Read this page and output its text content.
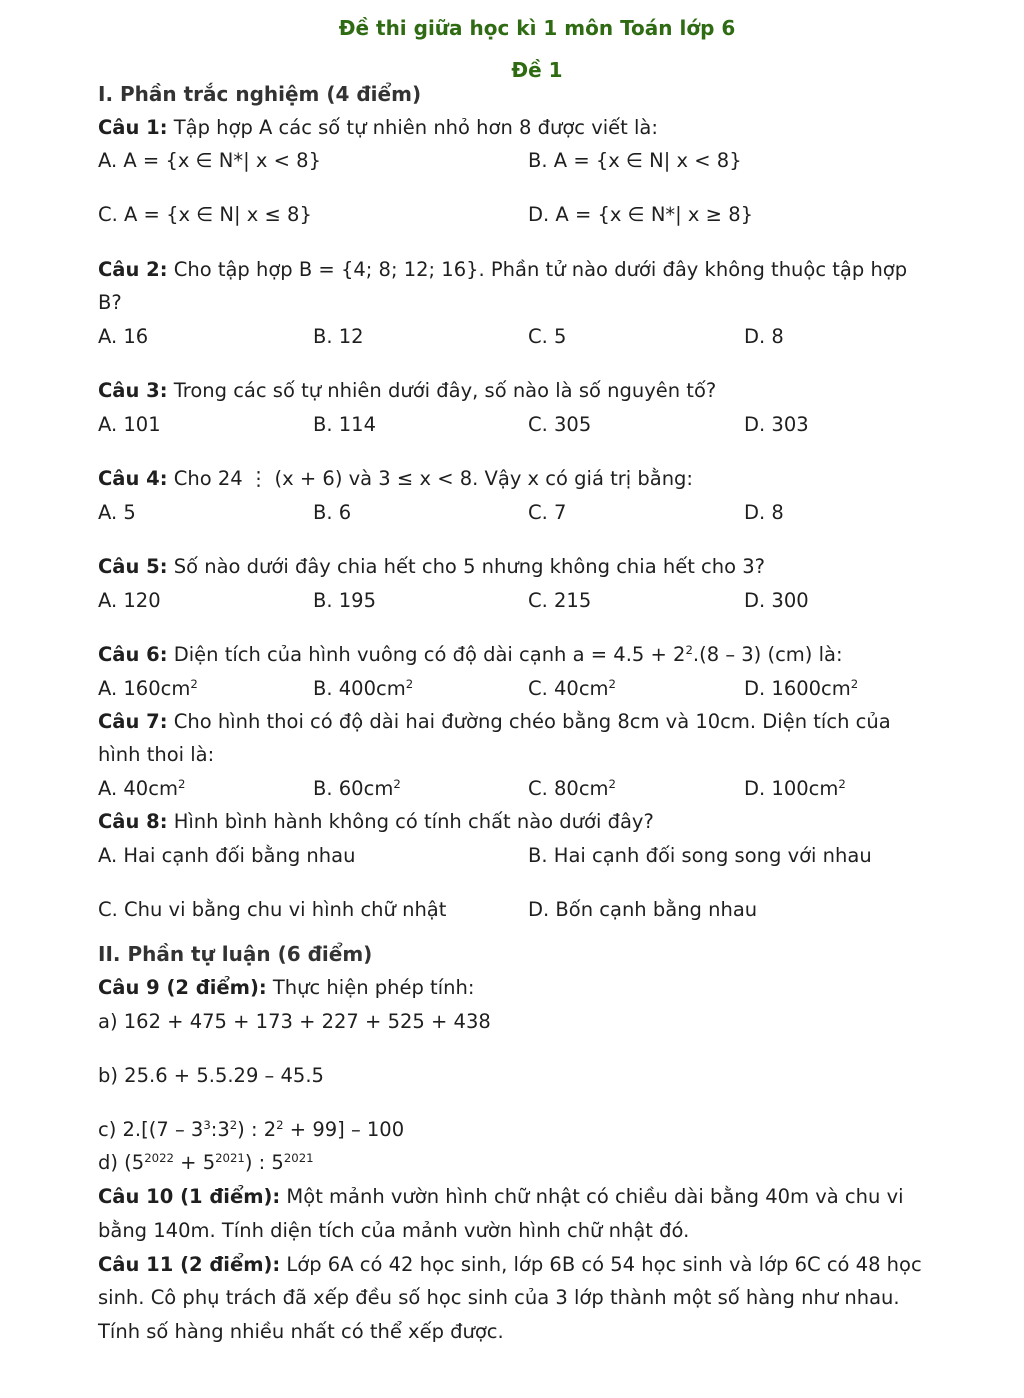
Đề thi giữa học kì 1 môn Toán lớp 6
Đề 1
I. Phần trắc nghiệm (4 điểm)
Câu 1: Tập hợp A các số tự nhiên nhỏ hơn 8 được viết là:
A. A = {x ∈ N*| x < 8}	B. A = {x ∈ N| x < 8}
C. A = {x ∈ N| x ≤ 8}	D. A = {x ∈ N*| x ≥ 8}
Câu 2: Cho tập hợp B = {4; 8; 12; 16}. Phần tử nào dưới đây không thuộc tập hợp
B?
A. 16	B. 12	C. 5	D. 8
Câu 3: Trong các số tự nhiên dưới đây, số nào là số nguyên tố?
A. 101	B. 114	C. 305	D. 303
Câu 4: Cho 24 ⋮ (x + 6) và 3 ≤ x < 8. Vậy x có giá trị bằng:
A. 5	B. 6	C. 7	D. 8
Câu 5: Số nào dưới đây chia hết cho 5 nhưng không chia hết cho 3?
A. 120	B. 195	C. 215	D. 300
Câu 6: Diện tích của hình vuông có độ dài cạnh $a = 4.5 + 2^2.(8 - 3)$ (cm) là:
A. $160cm^2$	B. $400cm^2$	C. $40cm^2$	D. $1600cm^2$
Câu 7: Cho hình thoi có độ dài hai đường chéo bằng 8cm và 10cm. Diện tích của
hình thoi là:
A. $40cm^2$	B. $60cm^2$	C. $80cm^2$	D. $100cm^2$
Câu 8: Hình bình hành không có tính chất nào dưới đây?
A. Hai cạnh đối bằng nhau	B. Hai cạnh đối song song với nhau
C. Chu vi bằng chu vi hình chữ nhật	D. Bốn cạnh bằng nhau
II. Phần tự luận (6 điểm)
Câu 9 (2 điểm): Thực hiện phép tính:
a) 162 + 475 + 173 + 227 + 525 + 438
b) 25.6 + 5.5.29 – 45.5
c) $2.[(7 - 3^3:3^2)$ : $2^2 + 99] - 100$
d) $(5^{2022} + 5^{2021})$ : $5^{2021}$
Câu 10 (1 điểm): Một mảnh vườn hình chữ nhật có chiều dài bằng 40m và chu vi
bằng 140m. Tính diện tích của mảnh vườn hình chữ nhật đó.
Câu 11 (2 điểm): Lớp 6A có 42 học sinh, lớp 6B có 54 học sinh và lớp 6C có 48 học
sinh. Cô phụ trách đã xếp đều số học sinh của 3 lớp thành một số hàng như nhau.
Tính số hàng nhiều nhất có thể xếp được.
